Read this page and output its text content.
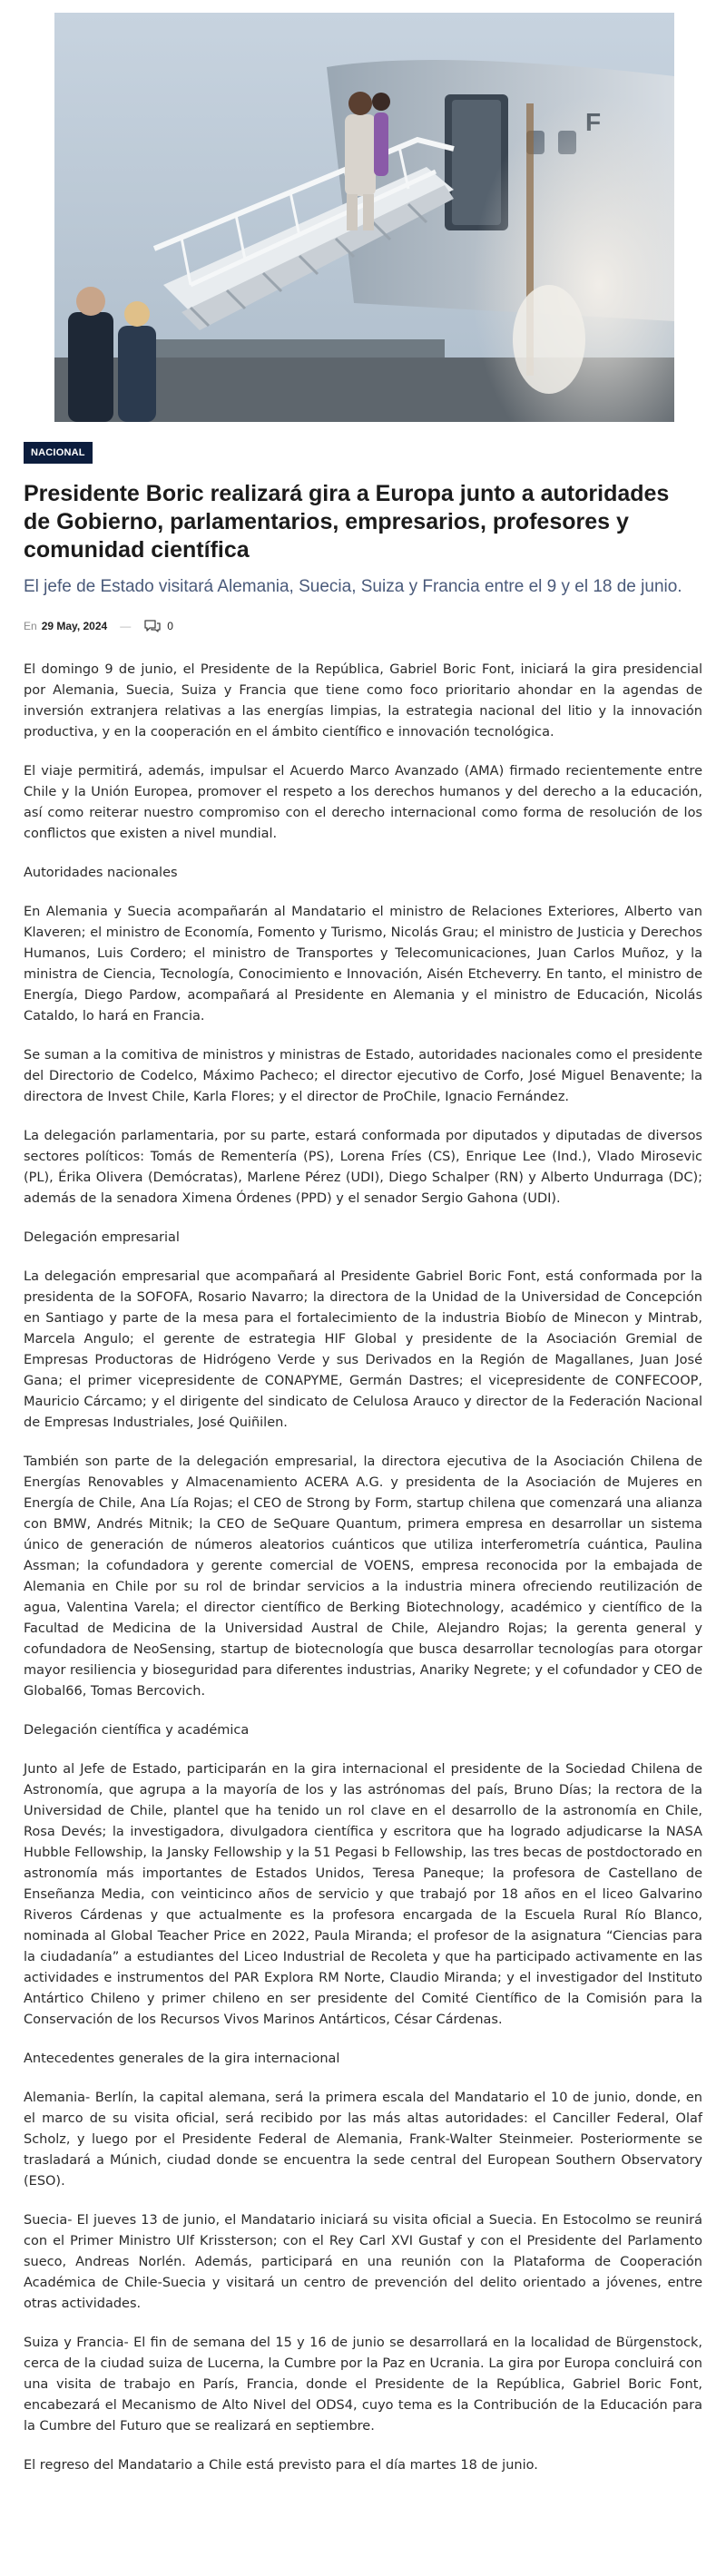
NACIONAL
Presidente Boric realizará gira a Europa junto a autoridades de Gobierno, parlamentarios, empresarios, profesores y comunidad científica
El jefe de Estado visitará Alemania, Suecia, Suiza y Francia entre el 9 y el 18 de junio.
En 29 May, 2024 —	0

El domingo 9 de junio, el Presidente de la República, Gabriel Boric Font, iniciará la gira presidencial por Alemania, Suecia, Suiza y Francia que tiene como foco prioritario ahondar en la agendas de inversión extranjera relativas a las energías limpias, la estrategia nacional del litio y la innovación productiva, y en la cooperación en el ámbito científico e innovación tecnológica.

El viaje permitirá, además, impulsar el Acuerdo Marco Avanzado (AMA) firmado recientemente entre Chile y la Unión Europea, promover el respeto a los derechos humanos y del derecho a la educación, así como reiterar nuestro compromiso con el derecho internacional como forma de resolución de los conflictos que existen a nivel mundial.

Autoridades nacionales

En Alemania y Suecia acompañarán al Mandatario el ministro de Relaciones Exteriores, Alberto van Klaveren; el ministro de Economía, Fomento y Turismo, Nicolás Grau; el ministro de Justicia y Derechos Humanos, Luis Cordero; el ministro de Transportes y Telecomunicaciones, Juan Carlos Muñoz, y la ministra de Ciencia, Tecnología, Conocimiento e Innovación, Aisén Etcheverry. En tanto, el ministro de Energía, Diego Pardow, acompañará al Presidente en Alemania y el ministro de Educación, Nicolás Cataldo, lo hará en Francia.

Se suman a la comitiva de ministros y ministras de Estado, autoridades nacionales como el presidente del Directorio de Codelco, Máximo Pacheco; el director ejecutivo de Corfo, José Miguel Benavente; la directora de Invest Chile, Karla Flores; y el director de ProChile, Ignacio Fernández.

La delegación parlamentaria, por su parte, estará conformada por diputados y diputadas de diversos sectores políticos: Tomás de Rementería (PS), Lorena Fríes (CS), Enrique Lee (Ind.), Vlado Mirosevic (PL), Érika Olivera (Demócratas), Marlene Pérez (UDI), Diego Schalper (RN) y Alberto Undurraga (DC); además de la senadora Ximena Órdenes (PPD) y el senador Sergio Gahona (UDI).

Delegación empresarial

La delegación empresarial que acompañará al Presidente Gabriel Boric Font, está conformada por la presidenta de la SOFOFA, Rosario Navarro; la directora de la Unidad de la Universidad de Concepción en Santiago y parte de la mesa para el fortalecimiento de la industria Biobío de Minecon y Mintrab, Marcela Angulo; el gerente de estrategia HIF Global y presidente de la Asociación Gremial de Empresas Productoras de Hidrógeno Verde y sus Derivados en la Región de Magallanes, Juan José Gana; el primer vicepresidente de CONAPYME, Germán Dastres; el vicepresidente de CONFECOOP, Mauricio Cárcamo; y el dirigente del sindicato de Celulosa Arauco y director de la Federación Nacional de Empresas Industriales, José Quiñilen.

También son parte de la delegación empresarial, la directora ejecutiva de la Asociación Chilena de Energías Renovables y Almacenamiento ACERA A.G. y presidenta de la Asociación de Mujeres en Energía de Chile, Ana Lía Rojas; el CEO de Strong by Form, startup chilena que comenzará una alianza con BMW, Andrés Mitnik; la CEO de SeQuare Quantum, primera empresa en desarrollar un sistema único de generación de números aleatorios cuánticos que utiliza interferometría cuántica, Paulina Assman; la cofundadora y gerente comercial de VOENS, empresa reconocida por la embajada de Alemania en Chile por su rol de brindar servicios a la industria minera ofreciendo reutilización de agua, Valentina Varela; el director científico de Berking Biotechnology, académico y científico de la Facultad de Medicina de la Universidad Austral de Chile, Alejandro Rojas; la gerenta general y cofundadora de NeoSensing, startup de biotecnología que busca desarrollar tecnologías para otorgar mayor resiliencia y bioseguridad para diferentes industrias, Anariky Negrete; y el cofundador y CEO de Global66, Tomas Bercovich.

Delegación científica y académica

Junto al Jefe de Estado, participarán en la gira internacional el presidente de la Sociedad Chilena de Astronomía, que agrupa a la mayoría de los y las astrónomas del país, Bruno Días; la rectora de la Universidad de Chile, plantel que ha tenido un rol clave en el desarrollo de la astronomía en Chile, Rosa Devés; la investigadora, divulgadora científica y escritora que ha logrado adjudicarse la NASA Hubble Fellowship, la Jansky Fellowship y la 51 Pegasi b Fellowship, las tres becas de postdoctorado en astronomía más importantes de Estados Unidos, Teresa Paneque; la profesora de Castellano de Enseñanza Media, con veinticinco años de servicio y que trabajó por 18 años en el liceo Galvarino Riveros Cárdenas y que actualmente es la profesora encargada de la Escuela Rural Río Blanco, nominada al Global Teacher Price en 2022, Paula Miranda; el profesor de la asignatura “Ciencias para la ciudadanía” a estudiantes del Liceo Industrial de Recoleta y que ha participado activamente en las actividades e instrumentos del PAR Explora RM Norte, Claudio Miranda; y el investigador del Instituto Antártico Chileno y primer chileno en ser presidente del Comité Científico de la Comisión para la Conservación de los Recursos Vivos Marinos Antárticos, César Cárdenas.

Antecedentes generales de la gira internacional

Alemania- Berlín, la capital alemana, será la primera escala del Mandatario el 10 de junio, donde, en el marco de su visita oficial, será recibido por las más altas autoridades: el Canciller Federal, Olaf Scholz, y luego por el Presidente Federal de Alemania, Frank-Walter Steinmeier. Posteriormente se trasladará a Múnich, ciudad donde se encuentra la sede central del European Southern Observatory (ESO).

Suecia- El jueves 13 de junio, el Mandatario iniciará su visita oficial a Suecia. En Estocolmo se reunirá con el Primer Ministro Ulf Krissterson; con el Rey Carl XVI Gustaf y con el Presidente del Parlamento sueco, Andreas Norlén. Además, participará en una reunión con la Plataforma de Cooperación Académica de Chile-Suecia y visitará un centro de prevención del delito orientado a jóvenes, entre otras actividades.

Suiza y Francia- El fin de semana del 15 y 16 de junio se desarrollará en la localidad de Bürgenstock, cerca de la ciudad suiza de Lucerna, la Cumbre por la Paz en Ucrania. La gira por Europa concluirá con una visita de trabajo en París, Francia, donde el Presidente de la República, Gabriel Boric Font, encabezará el Mecanismo de Alto Nivel del ODS4, cuyo tema es la Contribución de la Educación para la Cumbre del Futuro que se realizará en septiembre.

El regreso del Mandatario a Chile está previsto para el día martes 18 de junio.
